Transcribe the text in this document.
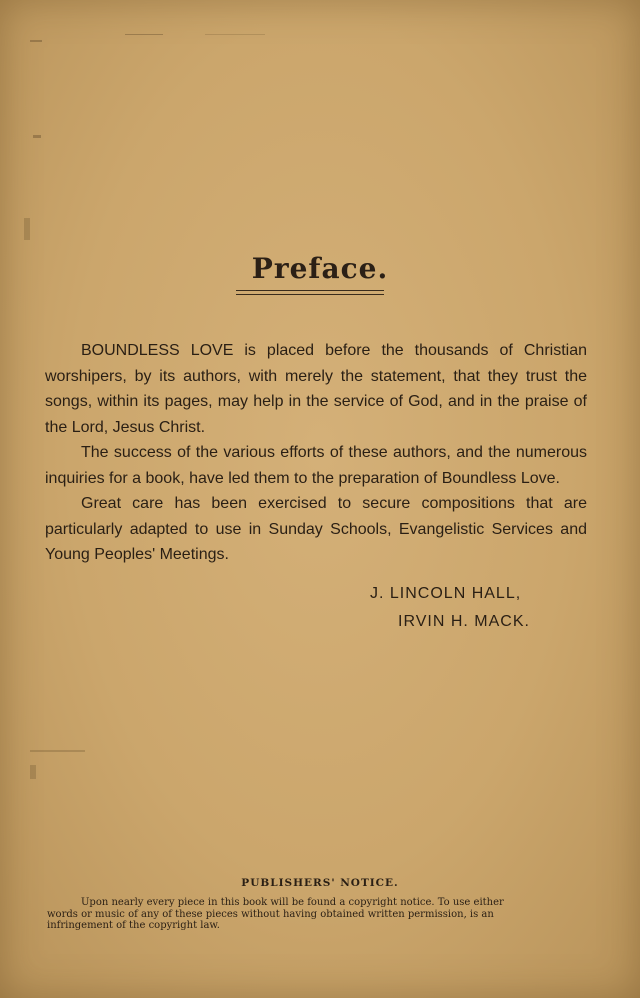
Preface.

BOUNDLESS LOVE is placed before the thousands of Christian worshipers, by its authors, with merely the statement, that they trust the songs, within its pages, may help in the service of God, and in the praise of the Lord, Jesus Christ.

The success of the various efforts of these authors, and the numerous inquiries for a book, have led them to the preparation of Boundless Love.

Great care has been exercised to secure compositions that are particularly adapted to use in Sunday Schools, Evangelistic Services and Young Peoples' Meetings.

J. LINCOLN HALL,
IRVIN H. MACK.
PUBLISHERS' NOTICE.
Upon nearly every piece in this book will be found a copyright notice. To use either
words or music of any of these pieces without having obtained written permission, is an
infringement of the copyright law.
